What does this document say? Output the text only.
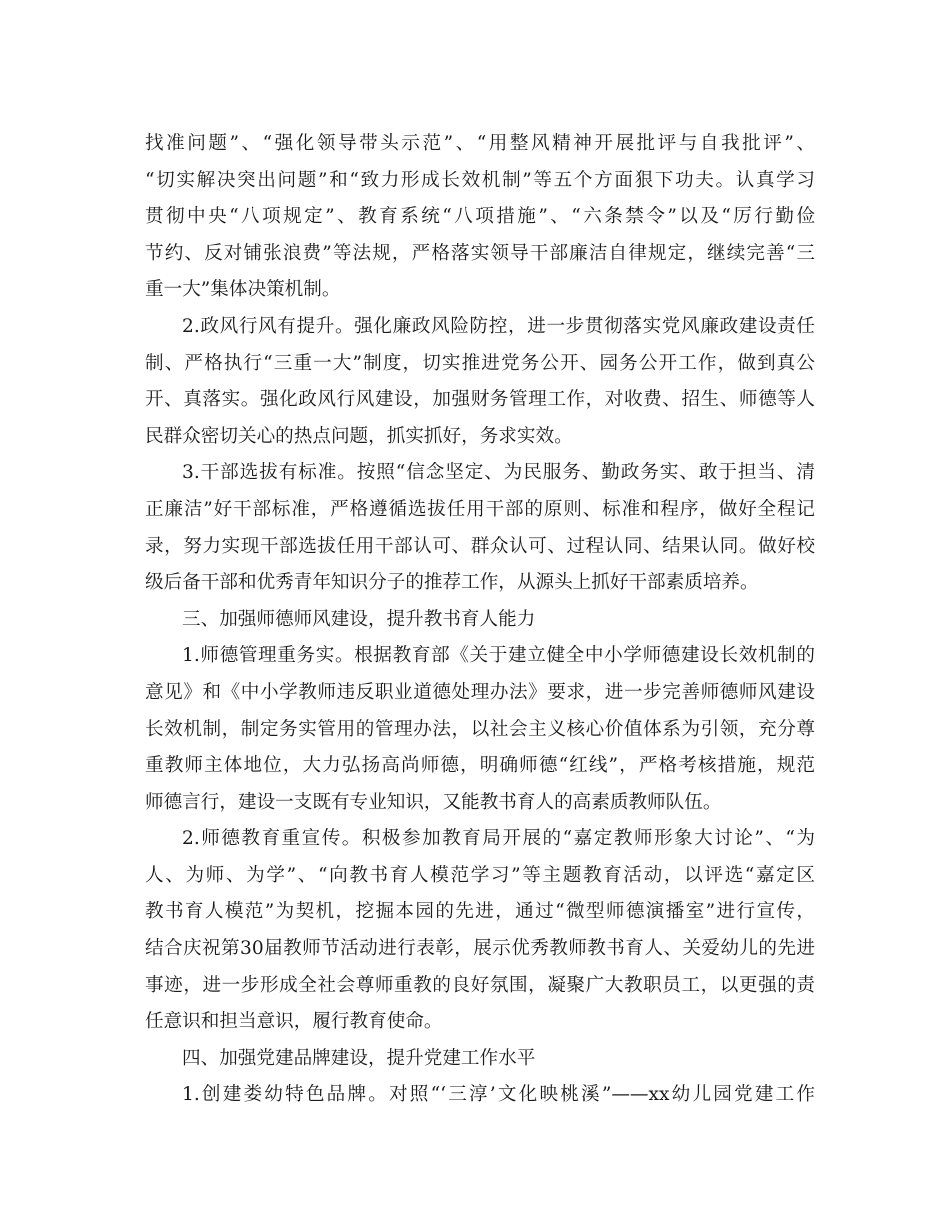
找准问题”、“强化领导带头示范”、“用整风精神开展批评与自我批评”、
“切实解决突出问题”和“致力形成长效机制”等五个方面狠下功夫。认真学习
贯彻中央“八项规定”、教育系统“八项措施”、“六条禁令”以及“厉行勤俭
节约、反对铺张浪费”等法规，严格落实领导干部廉洁自律规定，继续完善“三
重一大”集体决策机制。
2.政风行风有提升。强化廉政风险防控，进一步贯彻落实党风廉政建设责任
制、严格执行“三重一大”制度，切实推进党务公开、园务公开工作，做到真公
开、真落实。强化政风行风建设，加强财务管理工作，对收费、招生、师德等人
民群众密切关心的热点问题，抓实抓好，务求实效。
3.干部选拔有标准。按照“信念坚定、为民服务、勤政务实、敢于担当、清
正廉洁”好干部标准，严格遵循选拔任用干部的原则、标准和程序，做好全程记
录，努力实现干部选拔任用干部认可、群众认可、过程认同、结果认同。做好校
级后备干部和优秀青年知识分子的推荐工作，从源头上抓好干部素质培养。
三、加强师德师风建设，提升教书育人能力
1.师德管理重务实。根据教育部《关于建立健全中小学师德建设长效机制的
意见》和《中小学教师违反职业道德处理办法》要求，进一步完善师德师风建设
长效机制，制定务实管用的管理办法，以社会主义核心价值体系为引领，充分尊
重教师主体地位，大力弘扬高尚师德，明确师德“红线”，严格考核措施，规范
师德言行，建设一支既有专业知识，又能教书育人的高素质教师队伍。
2.师德教育重宣传。积极参加教育局开展的“嘉定教师形象大讨论”、“为
人、为师、为学”、“向教书育人模范学习”等主题教育活动，以评选“嘉定区
教书育人模范”为契机，挖掘本园的先进，通过“微型师德演播室”进行宣传，
结合庆祝第30届教师节活动进行表彰，展示优秀教师教书育人、关爱幼儿的先进
事迹，进一步形成全社会尊师重教的良好氛围，凝聚广大教职员工，以更强的责
任意识和担当意识，履行教育使命。
四、加强党建品牌建设，提升党建工作水平
1.创建娄幼特色品牌。对照“‘三淳’文化映桃溪”——xx幼儿园党建工作
